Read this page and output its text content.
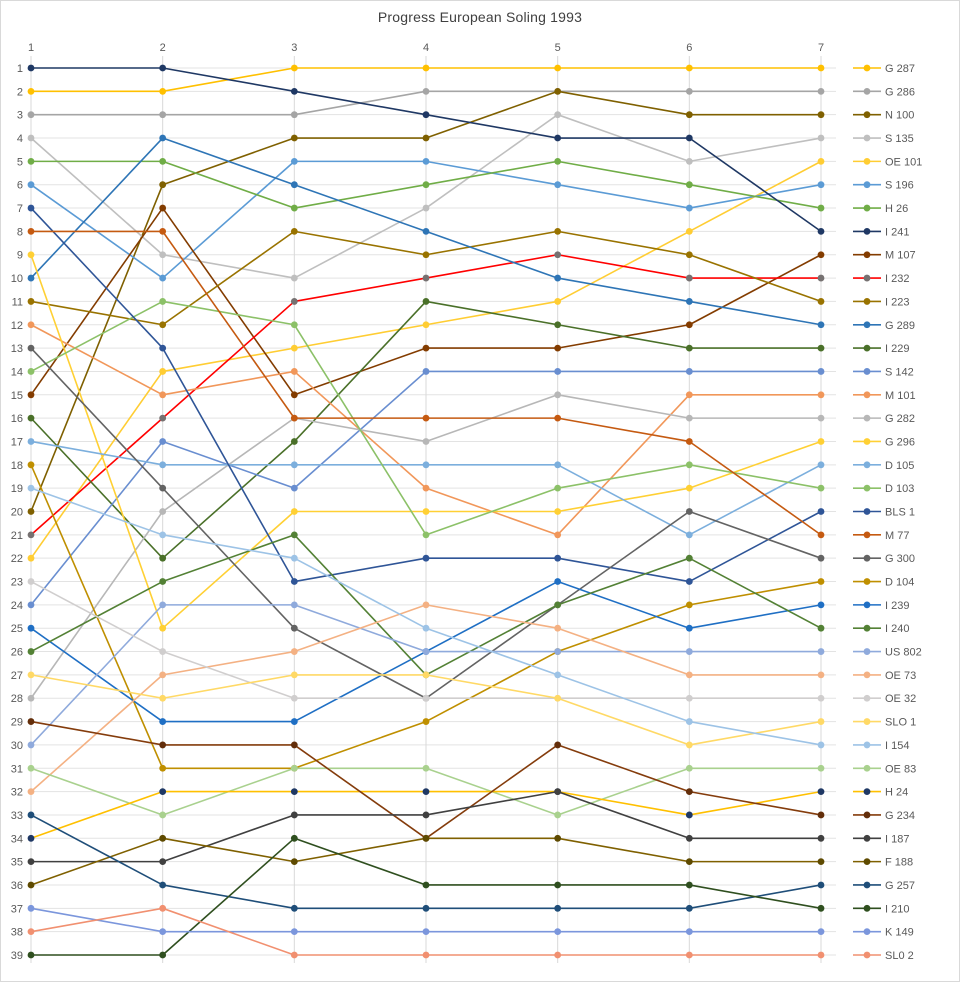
Progress European Soling 1993
1	2	3	4	5	6	7
1
2
3
4
5
6
7
8
9
10
11
12
13
14
15
16
17
18
19
20
21
22
23
24
25
26
27
28
29
30
31
32
33
34
35
36
37
38
39
G 287
G 286
N 100
S 135
OE 101
S 196
H 26
I 241
M 107
I 232
I 223
G 289
I 229
S 142
M 101
G 282
G 296
D 105
D 103
BLS 1
M 77
G 300
D 104
I 239
I 240
US 802
OE 73
OE 32
SLO 1
I 154
OE 83
H 24
G 234
I 187
F 188
G 257
I 210
K 149
SL0 2
